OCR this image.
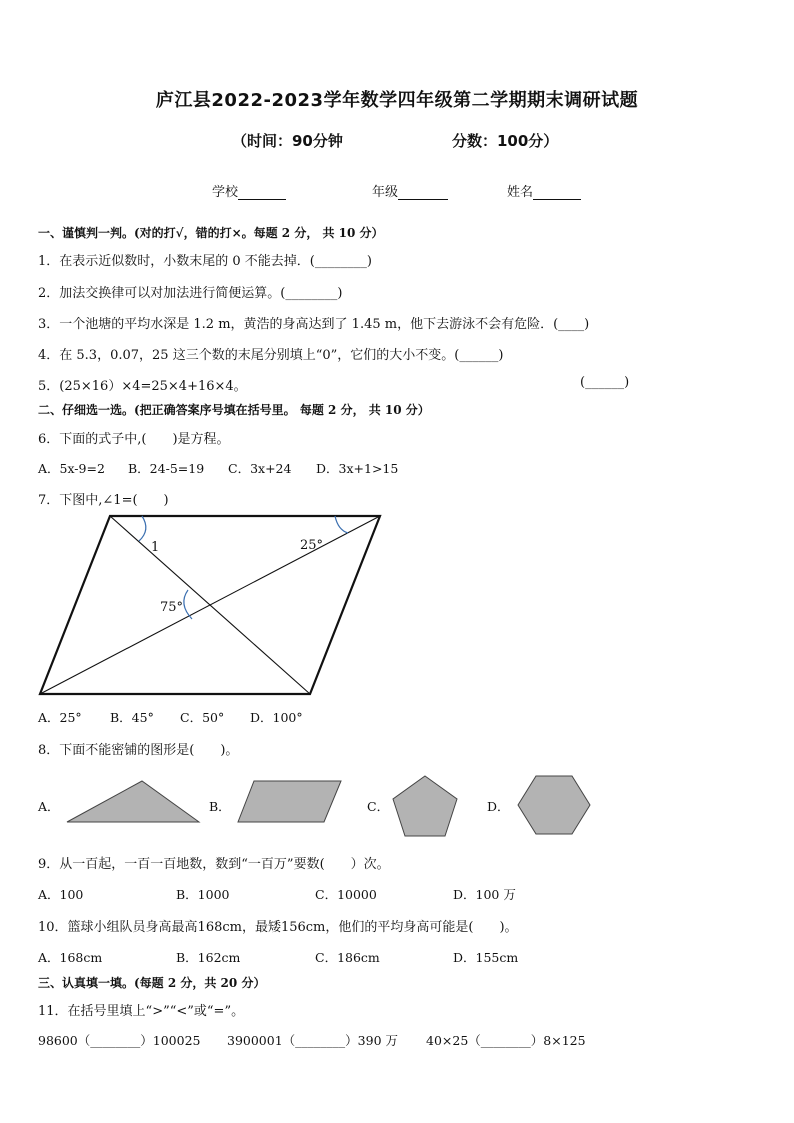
庐江县2022-2023学年数学四年级第二学期期末调研试题
（时间：90分钟	分数：100分）
学校	年级	姓名
一、谨慎判一判。(对的打√，错的打×。每题 2 分， 共 10 分）
1．在表示近似数时，小数末尾的 0 不能去掉．(________)
2．加法交换律可以对加法进行简便运算。(________)
3．一个池塘的平均水深是 1.2 m，黄浩的身高达到了 1.45 m，他下去游泳不会有危险．(____)
4．在 5.3，0.07，25 这三个数的末尾分别填上“0”，它们的大小不变。(______)
5．(25×16）×4=25×4+16×4。	(______)
二、仔细选一选。(把正确答案序号填在括号里。 每题 2 分， 共 10 分）
6．下面的式子中,(　　)是方程。
A．5x-9=2 B．24-5=19 C．3x+24 D．3x+1>15
7．下图中,∠1=(　　)
1	25°
75°
A．25° B．45° C．50° D．100°
8．下面不能密铺的图形是(　　)。
A．	B．	C．	D．
9．从一百起，一百一百地数，数到“一百万”要数(　　）次。
A．100	B．1000	C．10000	D．100 万
10．篮球小组队员身高最高168cm，最矮156cm，他们的平均身高可能是(　　)。
A．168cm	B．162cm	C．186cm	D．155cm
三、认真填一填。(每题 2 分，共 20 分）
11．在括号里填上“>”“<”或“=”。
98600（________）100025 3900001（________）390 万 40×25（________）8×125
